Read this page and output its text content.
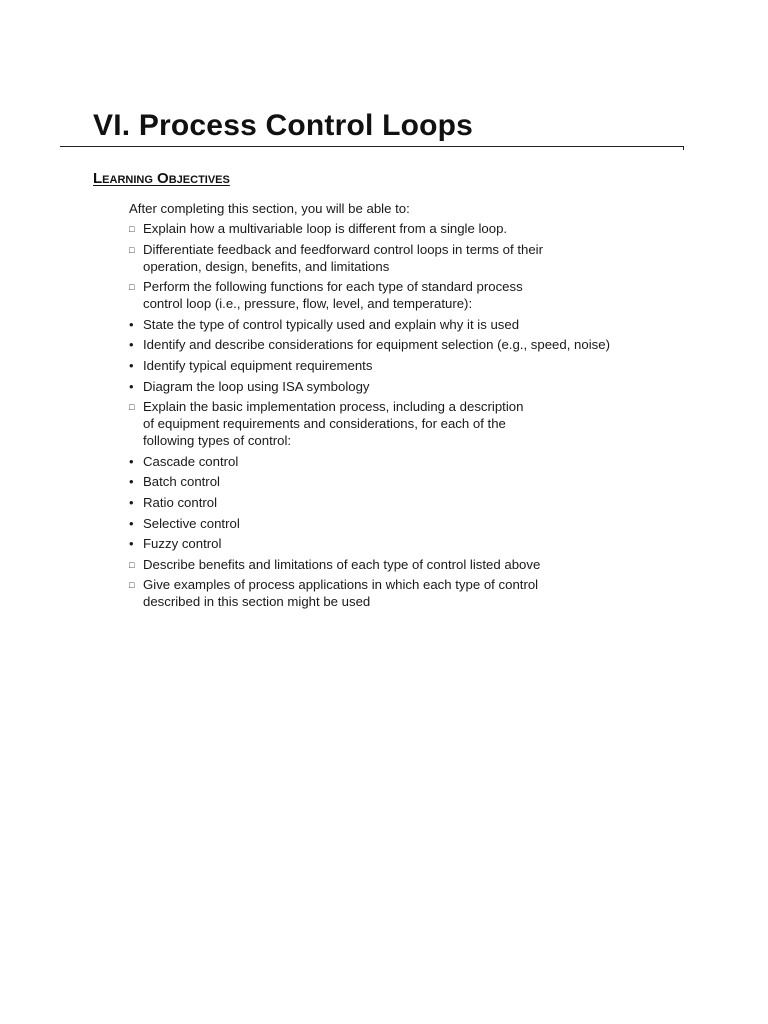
VI. Process Control Loops
Learning Objectives

After completing this section, you will be able to:

□ Explain how a multivariable loop is different from a single loop.
□ Differentiate feedback and feedforward control loops in terms of their
operation, design, benefits, and limitations
□ Perform the following functions for each type of standard process
control loop (i.e., pressure, flow, level, and temperature):
• State the type of control typically used and explain why it is used
• Identify and describe considerations for equipment selection (e.g., speed, noise)
• Identify typical equipment requirements
• Diagram the loop using ISA symbology
□ Explain the basic implementation process, including a description
of equipment requirements and considerations, for each of the
following types of control:
• Cascade control
• Batch control
• Ratio control
• Selective control
• Fuzzy control
□ Describe benefits and limitations of each type of control listed above
□ Give examples of process applications in which each type of control
described in this section might be used
